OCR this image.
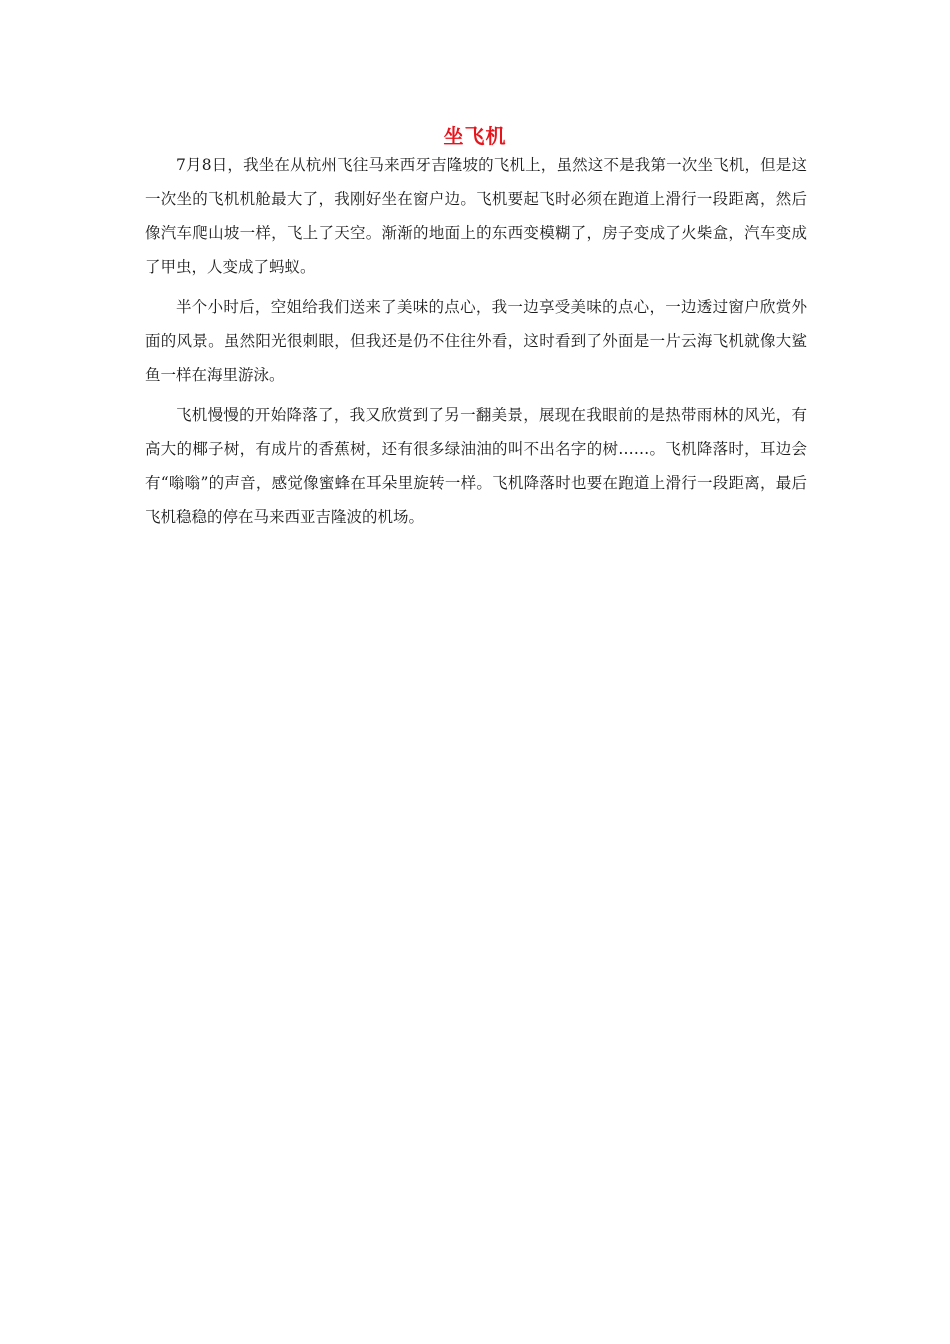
坐飞机

7月8日，我坐在从杭州飞往马来西牙吉隆坡的飞机上，虽然这不是我第一次坐飞机，但是这一次坐的飞机机舱最大了，我刚好坐在窗户边。飞机要起飞时必须在跑道上滑行一段距离，然后像汽车爬山坡一样，飞上了天空。渐渐的地面上的东西变模糊了，房子变成了火柴盒，汽车变成了甲虫，人变成了蚂蚁。

半个小时后，空姐给我们送来了美味的点心，我一边享受美味的点心，一边透过窗户欣赏外面的风景。虽然阳光很刺眼，但我还是仍不住往外看，这时看到了外面是一片云海飞机就像大鲨鱼一样在海里游泳。

飞机慢慢的开始降落了，我又欣赏到了另一翻美景，展现在我眼前的是热带雨林的风光，有高大的椰子树，有成片的香蕉树，还有很多绿油油的叫不出名字的树……。飞机降落时，耳边会有“嗡嗡”的声音，感觉像蜜蜂在耳朵里旋转一样。飞机降落时也要在跑道上滑行一段距离，最后飞机稳稳的停在马来西亚吉隆波的机场。
